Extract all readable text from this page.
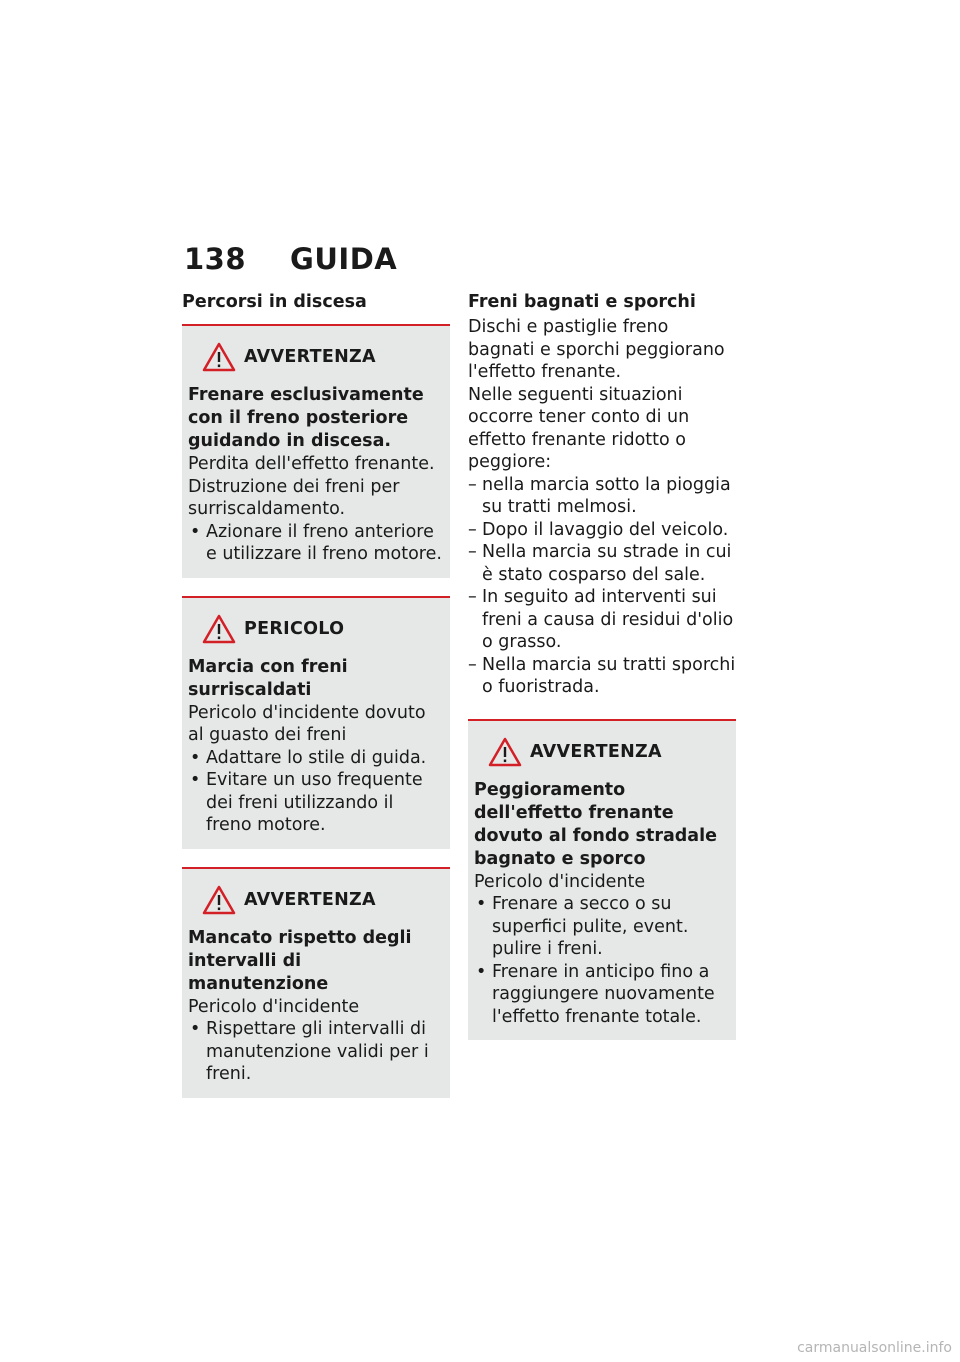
138 GUIDA
Percorsi in discesa
AVVERTENZA
Frenare esclusivamente con il freno posteriore guidando in discesa.
Perdita dell'effetto frenante.
Distruzione dei freni per surriscaldamento.
• Azionare il freno anteriore e utilizzare il freno motore.
PERICOLO
Marcia con freni surriscaldati
Pericolo d'incidente dovuto al guasto dei freni
• Adattare lo stile di guida.
• Evitare un uso frequente dei freni utilizzando il freno motore.
AVVERTENZA
Mancato rispetto degli intervalli di manutenzione
Pericolo d'incidente
• Rispettare gli intervalli di manutenzione validi per i freni.
Freni bagnati e sporchi
Dischi e pastiglie freno bagnati e sporchi peggiorano l'effetto frenante.
Nelle seguenti situazioni occorre tener conto di un effetto frenante ridotto o peggiore:
– nella marcia sotto la pioggia su tratti melmosi.
– Dopo il lavaggio del veicolo.
– Nella marcia su strade in cui è stato cosparso del sale.
– In seguito ad interventi sui freni a causa di residui d'olio o grasso.
– Nella marcia su tratti sporchi o fuoristrada.
AVVERTENZA
Peggioramento dell'effetto frenante dovuto al fondo stradale bagnato e sporco
Pericolo d'incidente
• Frenare a secco o su superfici pulite, event. pulire i freni.
• Frenare in anticipo fino a raggiungere nuovamente l'effetto frenante totale.
carmanualsonline.info
